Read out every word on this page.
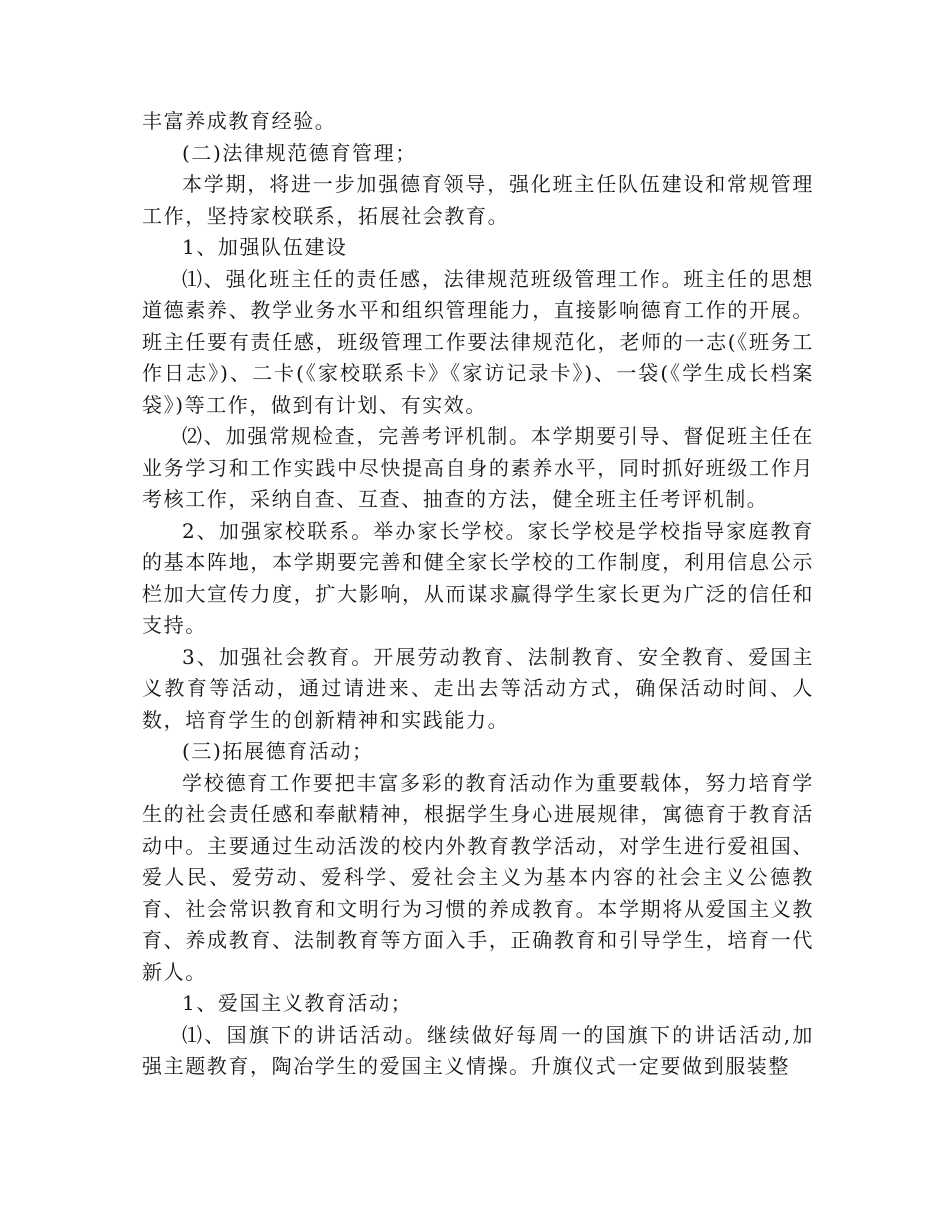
丰富养成教育经验。

(二)法律规范德育管理；

本学期，将进一步加强德育领导，强化班主任队伍建设和常规管理工作，坚持家校联系，拓展社会教育。

1、加强队伍建设

⑴、强化班主任的责任感，法律规范班级管理工作。班主任的思想道德素养、教学业务水平和组织管理能力，直接影响德育工作的开展。班主任要有责任感，班级管理工作要法律规范化，老师的一志(《班务工作日志》)、二卡(《家校联系卡》《家访记录卡》)、一袋(《学生成长档案袋》)等工作，做到有计划、有实效。

⑵、加强常规检查，完善考评机制。本学期要引导、督促班主任在业务学习和工作实践中尽快提高自身的素养水平，同时抓好班级工作月考核工作，采纳自查、互查、抽查的方法，健全班主任考评机制。

2、加强家校联系。举办家长学校。家长学校是学校指导家庭教育的基本阵地，本学期要完善和健全家长学校的工作制度，利用信息公示栏加大宣传力度，扩大影响，从而谋求赢得学生家长更为广泛的信任和支持。

3、加强社会教育。开展劳动教育、法制教育、安全教育、爱国主义教育等活动，通过请进来、走出去等活动方式，确保活动时间、人数，培育学生的创新精神和实践能力。

(三)拓展德育活动；

学校德育工作要把丰富多彩的教育活动作为重要载体，努力培育学生的社会责任感和奉献精神，根据学生身心进展规律，寓德育于教育活动中。主要通过生动活泼的校内外教育教学活动，对学生进行爱祖国、爱人民、爱劳动、爱科学、爱社会主义为基本内容的社会主义公德教育、社会常识教育和文明行为习惯的养成教育。本学期将从爱国主义教育、养成教育、法制教育等方面入手，正确教育和引导学生，培育一代新人。

1、爱国主义教育活动；

⑴、国旗下的讲话活动。继续做好每周一的国旗下的讲话活动,加强主题教育，陶冶学生的爱国主义情操。升旗仪式一定要做到服装整
